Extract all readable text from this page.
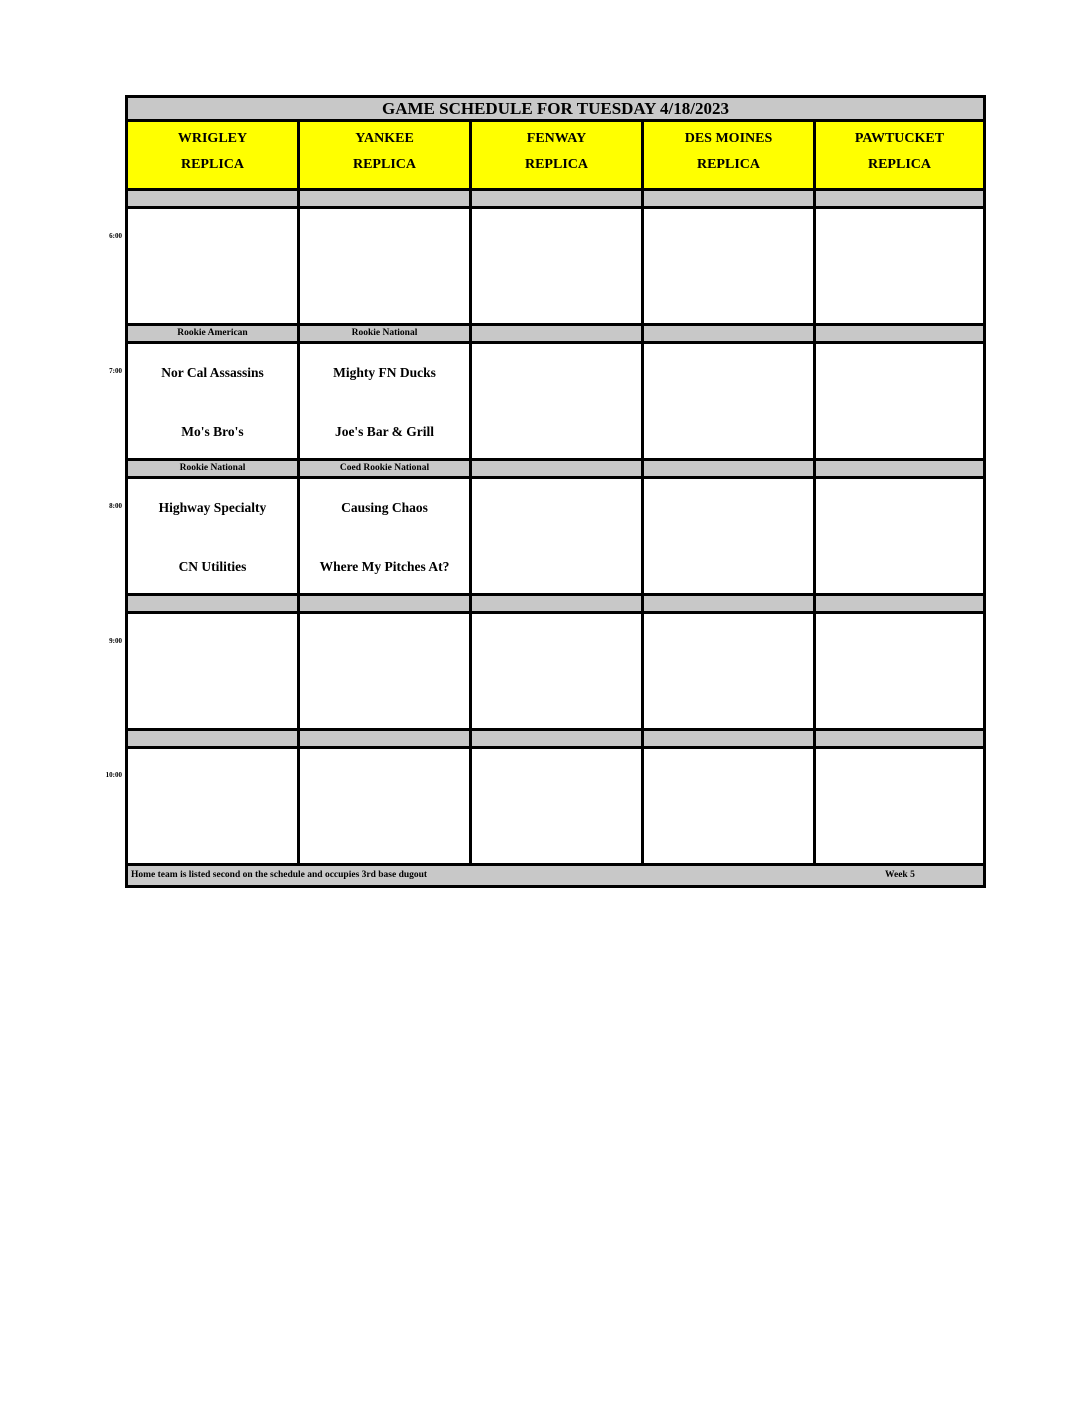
GAME SCHEDULE FOR TUESDAY 4/18/2023
WRIGLEY
REPLICA
YANKEE
REPLICA
FENWAY
REPLICA
DES MOINES
REPLICA
PAWTUCKET
REPLICA
Rookie American
Nor Cal Assassins
Mo's Bro's
Rookie National
Mighty FN Ducks
Joe's Bar & Grill
Rookie National
Highway Specialty
CN Utilities
Coed Rookie National
Causing Chaos
Where My Pitches At?
Home team is listed second on the schedule and occupies 3rd base dugout	Week 5
6:00
7:00
8:00
9:00
10:00
